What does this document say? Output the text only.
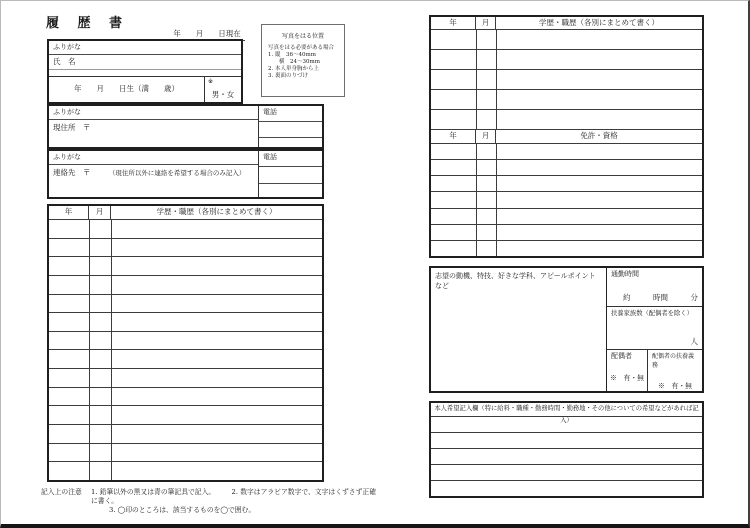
履 歴 書
年　　月　　日現在	写真をはる位置
写真をはる必要がある場合
1. 縦　36～40mm
　　横　24～30mm
2. 本人単身胸から上
3. 裏面のりづけ
ふりがな
氏　名
年　　月　　日生（満　　歳）
※
男・女
ふりがな
現住所　〒
電話
ふりがな
連絡先　〒	（現住所以外に連絡を希望する場合のみ記入）
電話
年	月	学歴・職歴（各別にまとめて書く）
記入上の注意	1. 鉛筆以外の黒又は青の筆記具で記入。 2. 数字はアラビア数字で、文字はくずさず正確に書く。
3. ◯印のところは、該当するものを◯で囲む。
年	月	学歴・職歴（各別にまとめて書く）
年	月	免許・資格
志望の動機、特技、好きな学科、アピールポイントなど
通勤時間
約　　　時間　　　分
扶養家族数（配偶者を除く）
人
配偶者
※　有・無
配偶者の扶養義務
※　有・無
本人希望記入欄（特に給料・職種・勤務時間・勤務地・その他についての希望などがあれば記入）
